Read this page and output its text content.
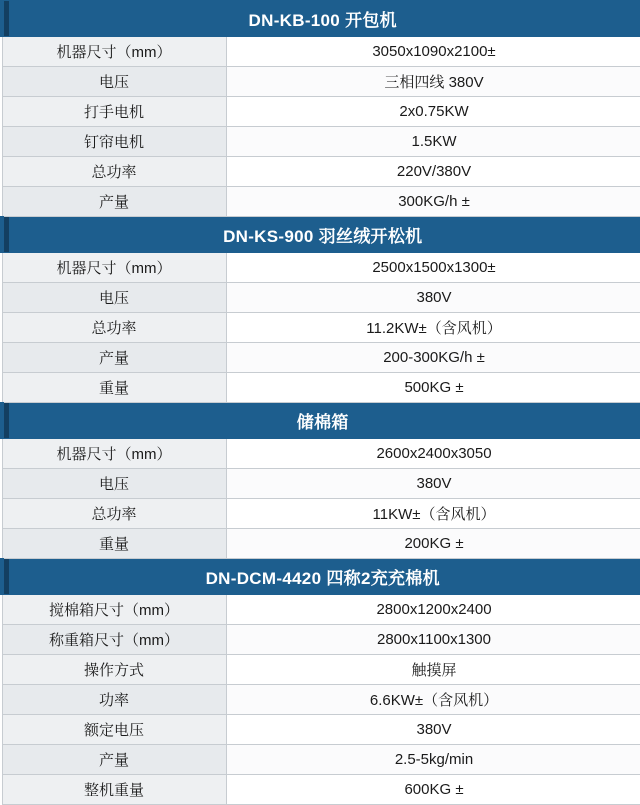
DN-KB-100 开包机	
机器尺寸（mm）	3050x1090x2100±
电压	三相四线 380V
打手电机	2x0.75KW
钉帘电机	1.5KW
总功率	220V/380V
产量	300KG/h ±

DN-KS-900 羽丝绒开松机	
机器尺寸（mm）	2500x1500x1300±
电压	380V
总功率	11.2KW±（含风机）
产量	200-300KG/h ±
重量	500KG ±

储棉箱	
机器尺寸（mm）	2600x2400x3050
电压	380V
总功率	11KW±（含风机）
重量	200KG ±

DN-DCM-4420 四称2充充棉机	
搅棉箱尺寸（mm）	2800x1200x2400
称重箱尺寸（mm）	2800x1100x1300
操作方式	触摸屏
功率	6.6KW±（含风机）
额定电压	380V
产量	2.5-5kg/min
整机重量	600KG ±
